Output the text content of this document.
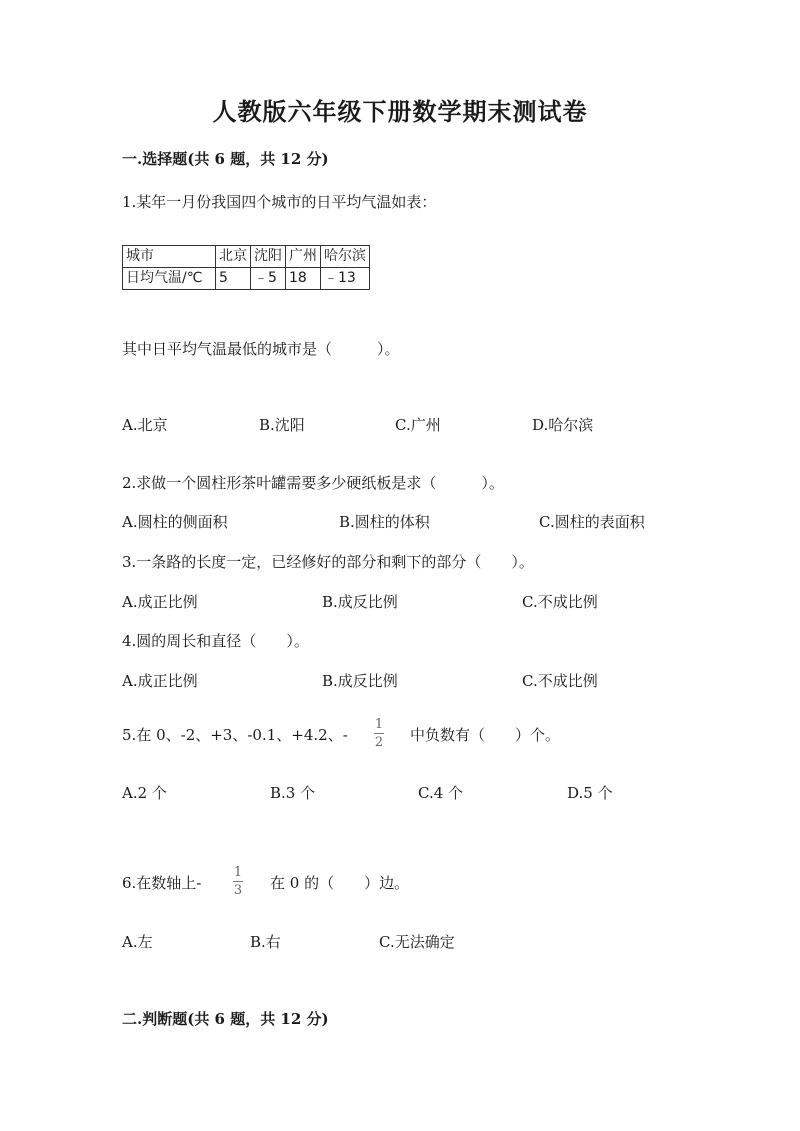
人教版六年级下册数学期末测试卷
一.选择题(共 6 题，共 12 分)
1.某年一月份我国四个城市的日平均气温如表：
城市	北京	沈阳	广州	哈尔滨
日均气温/℃	5	﹣5	18	﹣13
其中日平均气温最低的城市是（　　　）。
A.北京	B.沈阳	C.广州	D.哈尔滨
2.求做一个圆柱形茶叶罐需要多少硬纸板是求（　　　）。
A.圆柱的侧面积	B.圆柱的体积	C.圆柱的表面积
3.一条路的长度一定，已经修好的部分和剩下的部分（　　）。
A.成正比例	B.成反比例	C.不成比例
4.圆的周长和直径（　　）。
A.成正比例	B.成反比例	C.不成比例
5.在 0、-2、+3、-0.1、+4.2、-
1
2 中负数有（　　）个。
A.2 个	B.3 个	C.4 个	D.5 个
6.在数轴上-
1
3 在 0 的（　　）边。
A.左	B.右	C.无法确定
二.判断题(共 6 题，共 12 分)
